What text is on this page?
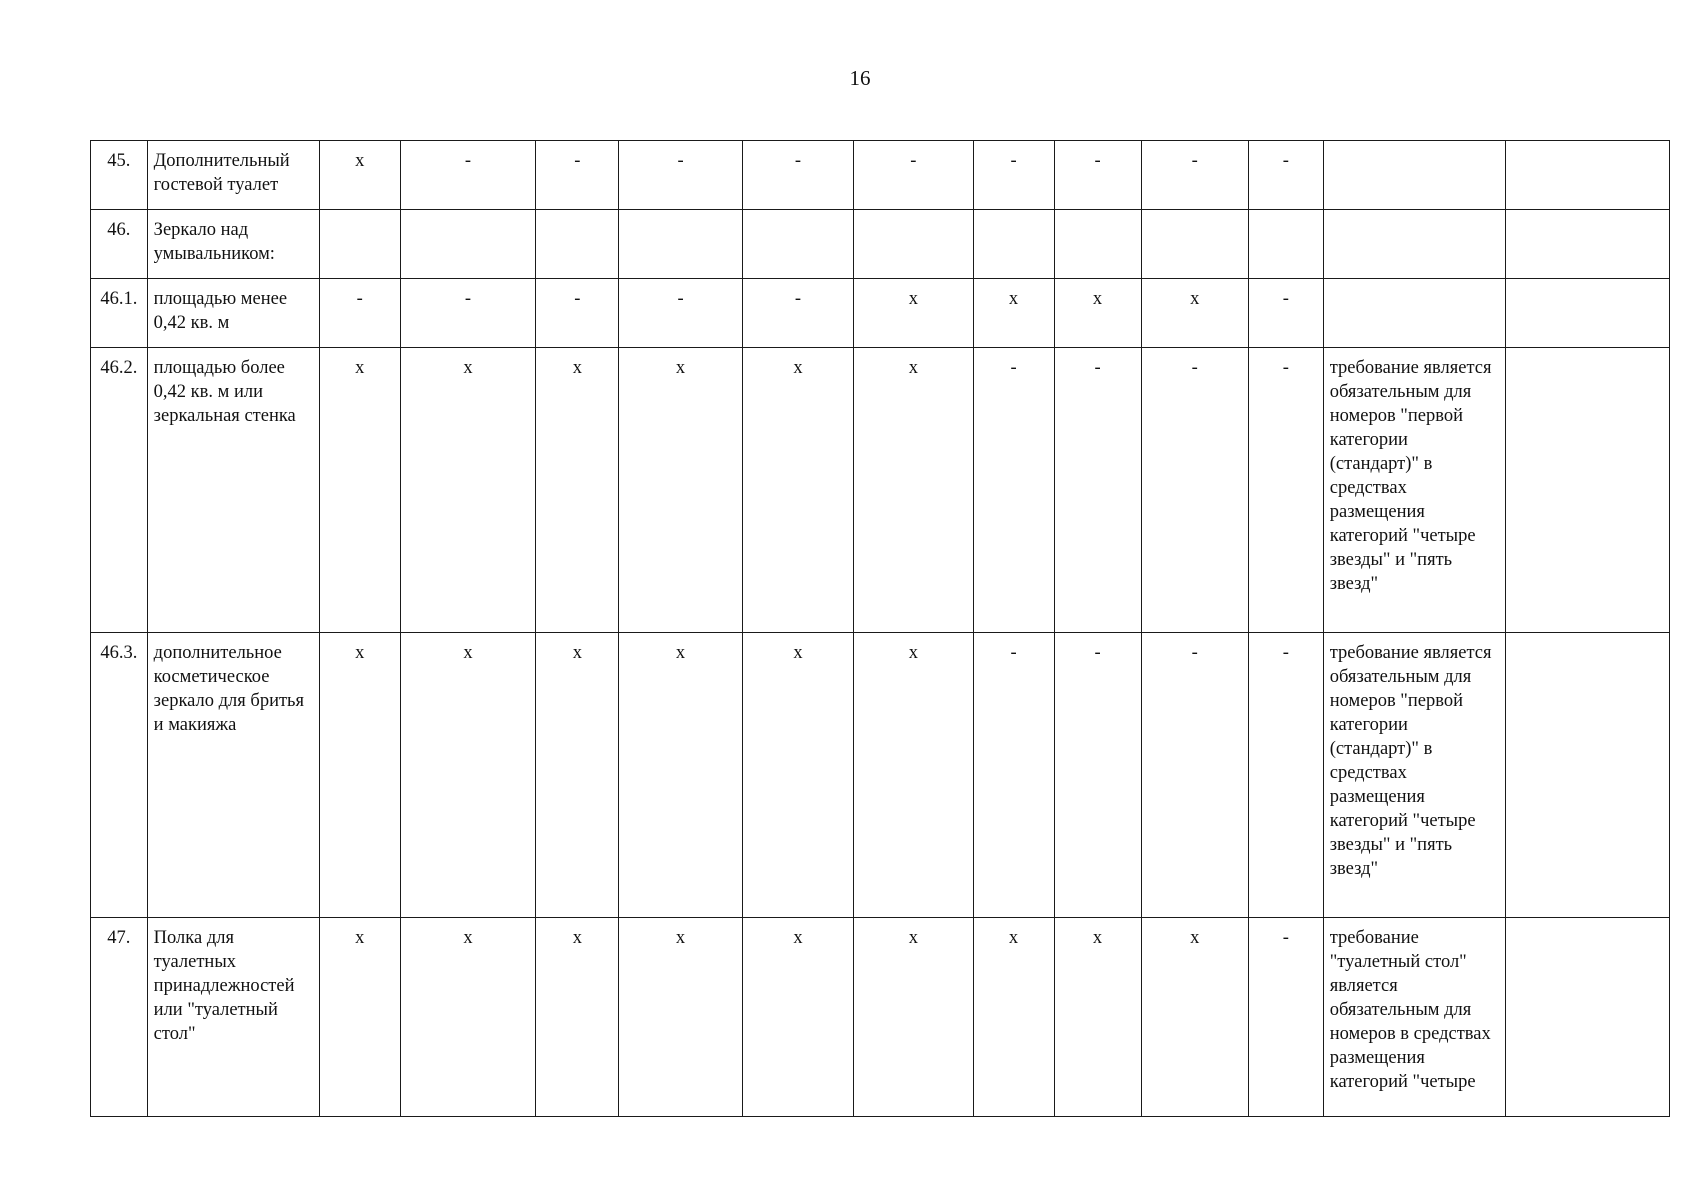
16
45.	Дополнительный гостевой туалет	x	-	-	-	-	-	-	-	-	-		
46.	Зеркало над умывальником:												
46.1.	площадью менее 0,42 кв. м	-	-	-	-	-	x	x	x	x	-		
46.2.	площадью более 0,42 кв. м или зеркальная стенка	x	x	x	x	x	x	-	-	-	-	требование является обязательным для номеров "первой категории (стандарт)" в средствах размещения категорий "четыре звезды" и "пять звезд"	
46.3.	дополнительное косметическое зеркало для бритья и макияжа	x	x	x	x	x	x	-	-	-	-	требование является обязательным для номеров "первой категории (стандарт)" в средствах размещения категорий "четыре звезды" и "пять звезд"	
47.	Полка для туалетных принадлежностей или "туалетный стол"	x	x	x	x	x	x	x	x	x	-	требование "туалетный стол" является обязательным для номеров в средствах размещения категорий "четыре	
